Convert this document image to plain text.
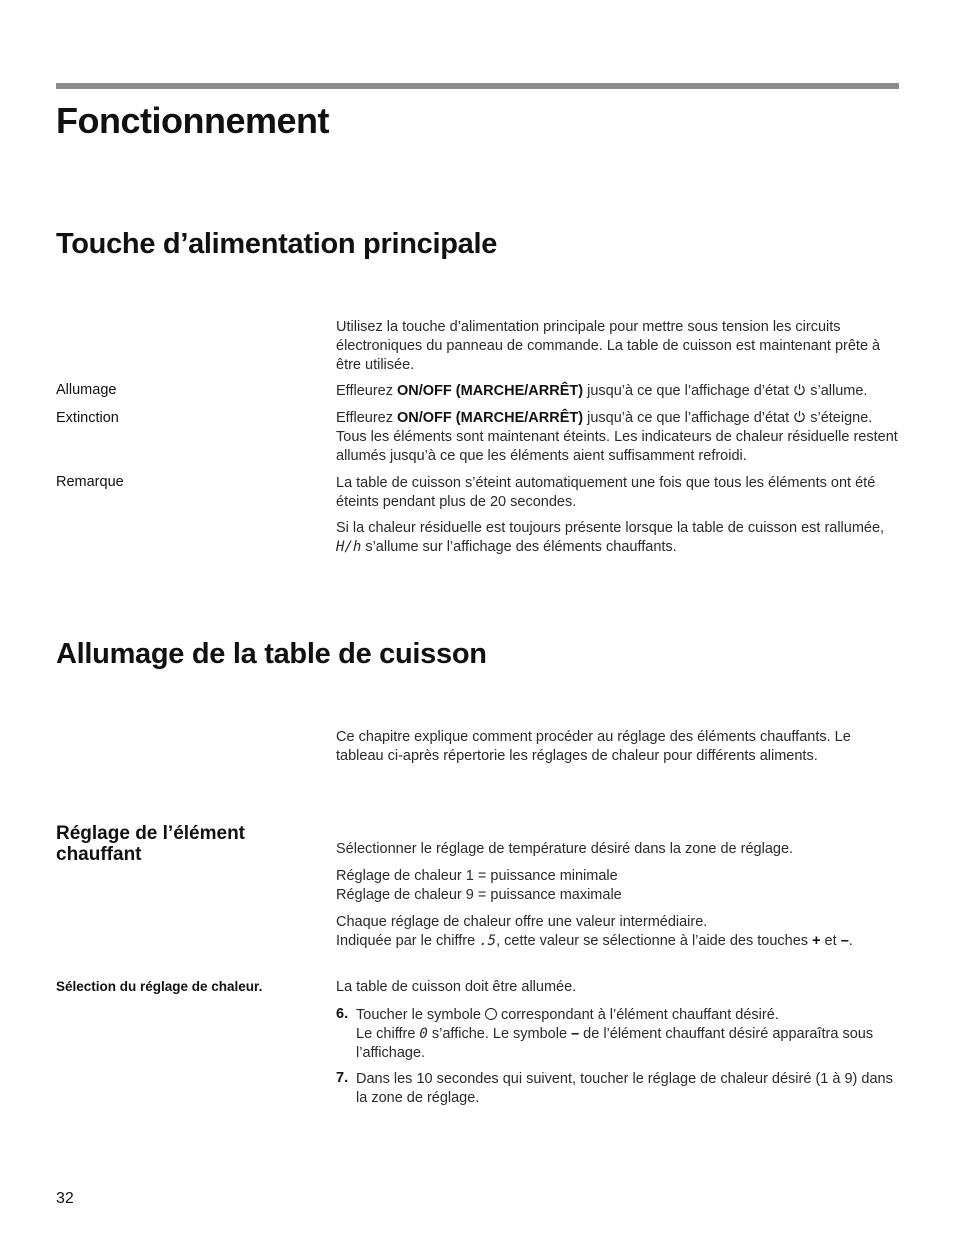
Fonctionnement
Touche d’alimentation principale

Utilisez la touche d’alimentation principale pour mettre sous tension les circuits électroniques du panneau de commande. La table de cuisson est maintenant prête à être utilisée.

Allumage	Effleurez ON/OFF (MARCHE/ARRÊT) jusqu’à ce que l’affichage d’état  s’allume.

Extinction	Effleurez ON/OFF (MARCHE/ARRÊT) jusqu’à ce que l’affichage d’état  s’éteigne. Tous les éléments sont maintenant éteints. Les indicateurs de chaleur résiduelle restent allumés jusqu’à ce que les éléments aient suffisamment refroidi.

Remarque	La table de cuisson s’éteint automatiquement une fois que tous les éléments ont été éteints pendant plus de 20 secondes.

Si la chaleur résiduelle est toujours présente lorsque la table de cuisson est rallumée, H/h s’allume sur l’affichage des éléments chauffants.

Allumage de la table de cuisson

Ce chapitre explique comment procéder au réglage des éléments chauffants. Le tableau ci-après répertorie les réglages de chaleur pour différents aliments.

Réglage de l’élément chauffant	Sélectionner le réglage de température désiré dans la zone de réglage.

Réglage de chaleur 1 = puissance minimale
Réglage de chaleur 9 = puissance maximale
Chaque réglage de chaleur offre une valeur intermédiaire.
Indiquée par le chiffre .5, cette valeur se sélectionne à l’aide des touches + et –.
Sélection du réglage de chaleur.	La table de cuisson doit être allumée.

6. Toucher le symbole  correspondant à l’élément chauffant désiré.
Le chiffre 0 s’affiche. Le symbole – de l’élément chauffant désiré apparaîtra sous l’affichage.
7. Dans les 10 secondes qui suivent, toucher le réglage de chaleur désiré (1 à 9) dans la zone de réglage.
32
